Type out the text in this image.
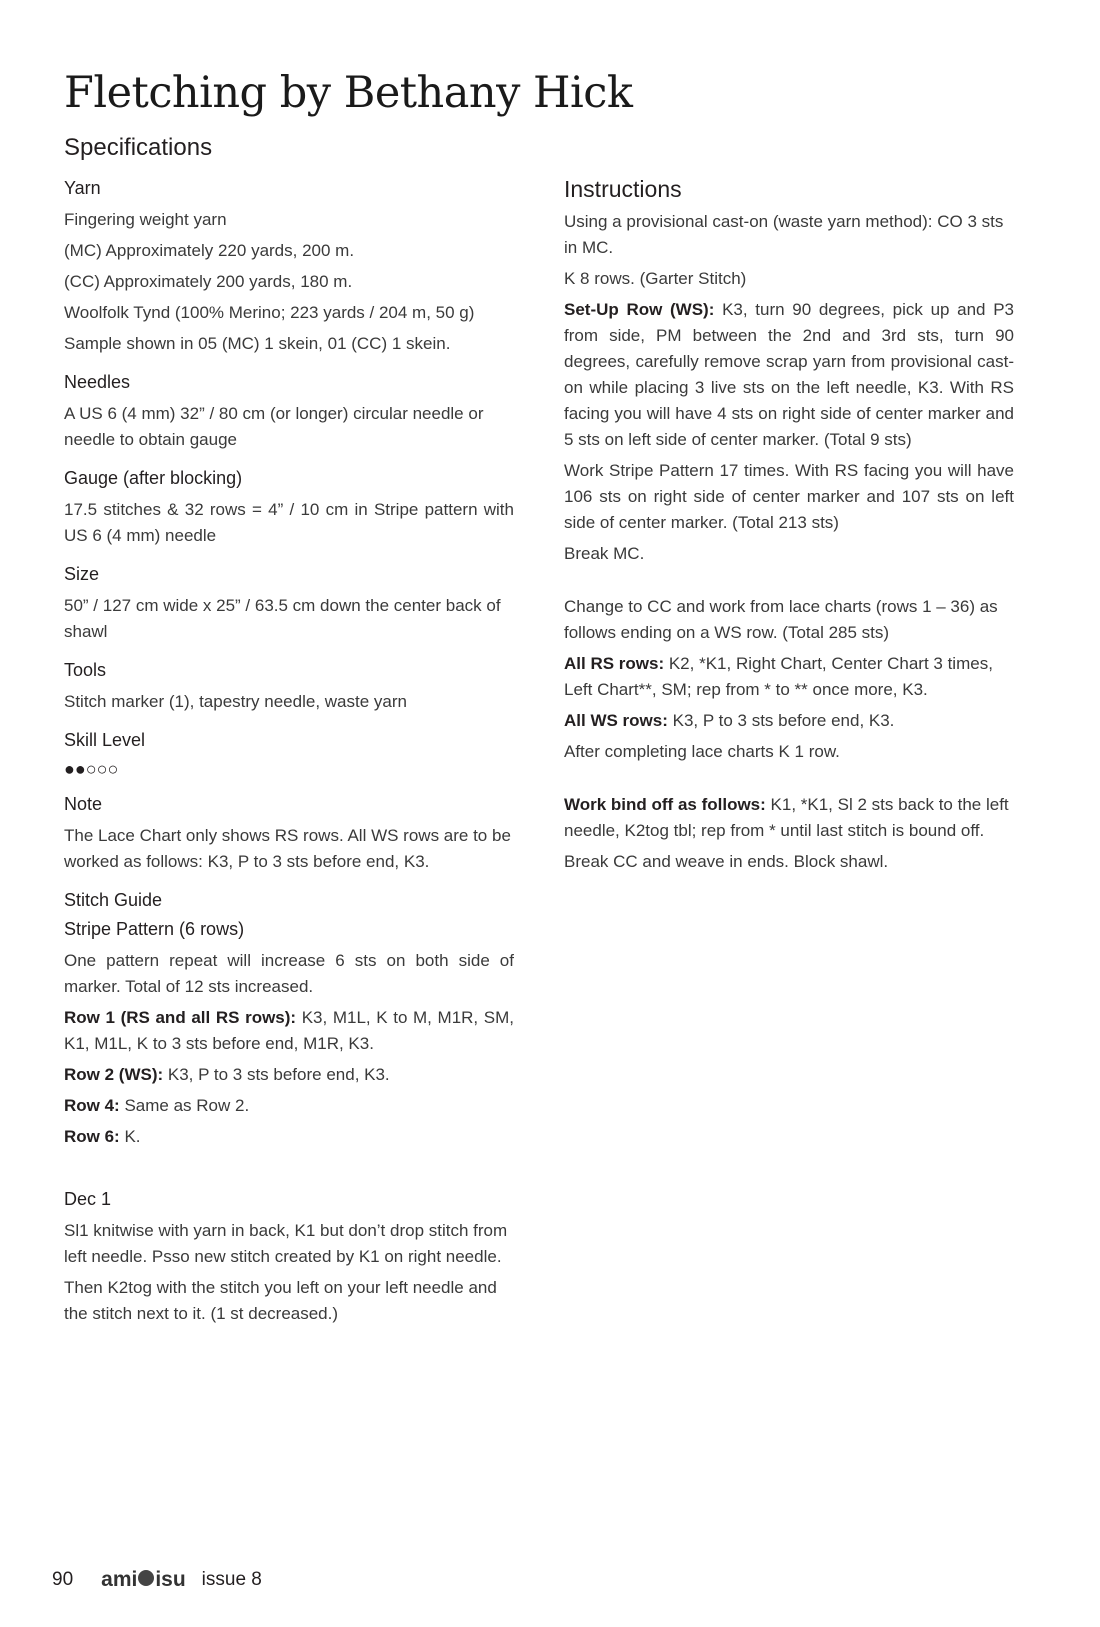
Fletching by Bethany Hick
Specifications
Yarn

Fingering weight yarn

(MC) Approximately 220 yards, 200 m.

(CC) Approximately 200 yards, 180 m.

Woolfolk Tynd (100% Merino; 223 yards / 204 m, 50 g)

Sample shown in 05 (MC) 1 skein, 01 (CC) 1 skein.

Needles

A US 6 (4 mm) 32” / 80 cm (or longer) circular needle or needle to obtain gauge

Gauge (after blocking)

17.5 stitches & 32 rows = 4” / 10 cm in Stripe pattern with US 6 (4 mm) needle

Size

50” / 127 cm wide x 25” / 63.5 cm down the center back of shawl

Tools

Stitch marker (1), tapestry needle, waste yarn

Skill Level
●●○○○
Note

The Lace Chart only shows RS rows. All WS rows are to be worked as follows: K3, P to 3 sts before end, K3.

Stitch Guide
Stripe Pattern (6 rows)

One pattern repeat will increase 6 sts on both side of marker. Total of 12 sts increased.

Row 1 (RS and all RS rows): K3, M1L, K to M, M1R, SM, K1, M1L, K to 3 sts before end, M1R, K3.

Row 2 (WS): K3, P to 3 sts before end, K3.

Row 4: Same as Row 2.

Row 6: K.

Dec 1

Sl1 knitwise with yarn in back, K1 but don’t drop stitch from left needle. Psso new stitch created by K1 on right needle.

Then K2tog with the stitch you left on your left needle and the stitch next to it. (1 st decreased.)

Instructions

Using a provisional cast-on (waste yarn method): CO 3 sts in MC.

K 8 rows. (Garter Stitch)

Set-Up Row (WS): K3, turn 90 degrees, pick up and P3 from side, PM between the 2nd and 3rd sts, turn 90 degrees, carefully remove scrap yarn from provisional cast-on while placing 3 live sts on the left needle, K3. With RS facing you will have 4 sts on right side of center marker and 5 sts on left side of center marker. (Total 9 sts)

Work Stripe Pattern 17 times. With RS facing you will have 106 sts on right side of center marker and 107 sts on left side of center marker. (Total 213 sts)

Break MC.

Change to CC and work from lace charts (rows 1 – 36) as follows ending on a WS row. (Total 285 sts)

All RS rows: K2, *K1, Right Chart, Center Chart 3 times, Left Chart**, SM; rep from * to ** once more, K3.

All WS rows: K3, P to 3 sts before end, K3.

After completing lace charts K 1 row.

Work bind off as follows: K1, *K1, Sl 2 sts back to the left needle, K2tog tbl; rep from * until last stitch is bound off.

Break CC and weave in ends. Block shawl.

90 ami isu issue 8
